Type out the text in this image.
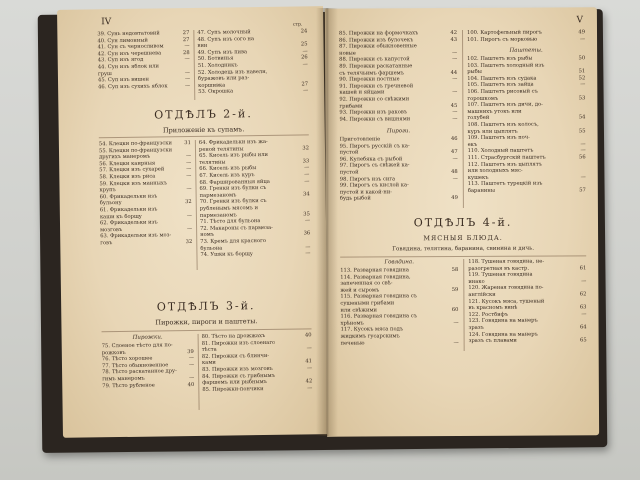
IV
39. Сунь недовтатовий	27
40. Сун лимонный	27
41. Сун съ черносливом	—
42. Сун изъ черешнева	28
43. Суп изъ ягод	—
44. Сун изъ яблок или
груш	—
45. Суп изъ вишен	—
46. Суп изъ сухихъ яблок	—
47. Супъ молочный	24
48. Супъ изъ сого на
вин	25
49. Супъ изъ пива	—
50. Ботвинья	26
51. Холодникъ	—
52. Холодець изъ навелн,
буражовъ или раз-
коршивка	27
53. Окрошка	—
стр.
ОТДѢЛЪ 2-й.
Приложеніе къ супамъ.
54. Клецки по-французски	31
55. Клецки по-французски
другихъ манеромъ	—
56. Клецки каирныя	—
57. Клецки изъ сухарей	—
58. Клецки изъ риса	—
59. Клецки изъ манныхъ
крупъ	—
60. Фрикадельки изъ
бульону	32
61. Фрикадельки изъ
каши къ борщу	—
62. Фрикадельки изъ
мозговъ	—
63. Фрикадельки изъ моз-
говъ	32
64. Фрикадельки изъ жа-
реной телятины	32
65. Кисель изъ рыбы или
телятины	33
66. Кисель изъ рыбы	—
67. Кисель изъ куръ	—
68. Фаршированныя яйца	—
69. Гренки изъ булки съ
пармезаномъ	34
70. Гренки изъ булки съ
рубленымъ мясомъ и
пармезаномъ	35
71. Тѣсто для бульона	—
72. Макароны съ пармеза-
номъ	36
73. Кремъ для красного
бульона	—
74. Ушки къ борщу	—
ОТДѢЛЪ 3-й.
Пирожки, пироги и паштеты.
Пирожки.
75. Слоеное тѣсто для по-
рожковъ	39
76. Тѣсто хорошее	—
77. Тѣсто обыкновенное	—
78. Тѣсто раскатанное дру-
гимъ манеромъ	—
79. Тѣсто рубленое	40
80. Тѣсто на дрожжахъ	40
81. Пирожки изъ слоенаго
тѣста	—
82. Пирожки съ блинчи-
ками	41
83. Пирожки изъ мозговъ	—
84. Пирожки съ грибнымъ
фаршемъ или рыбнымъ	42
85. Пирожки-пончики	—
V
85. Пирожки на формочкахъ	42
86. Пирожки изъ булочекъ	43
87. Пирожки обыкновенные
новые	—
88. Пирожки съ капустой	—
89. Пирожки раскатанные
съ телячьимъ фаршемъ	44
90. Пирожки постные	—
91. Пирожки съ гречневой
кашей и яйцами	—
92. Пирожки со свѣжими
грибами	45
93. Пирожки изъ раковъ	—
94. Пирожки съ вишнями	—
Пироги.
Приготовленіе	46
95. Пирогъ русскій съ ка-
пустой	47
96. Кулебяка съ рыбой	—
97. Пирогъ съ свѣжей ка-
пустой	48
98. Пирогъ изъ сига	—
99. Пирогъ съ кислой ка-
пустой и какой-ни-
будь рыбой	49
100. Картофельный пирогъ	49
101. Пирогъ съ морковью	—
Паштеты.
102. Паштетъ изъ рыбы	50
103. Паштетъ холодный изъ
рыбы	51
104. Паштетъ изъ судака	52
105. Паштетъ изъ зайца	—
106. Паштетъ рисовый съ
горошкомъ	53
107. Паштетъ изъ дичи, до-
машнихъ утокъ или
голубей	54
108. Паштетъ изъ колосъ,
куръ или цыплятъ	55
109. Паштетъ изъ поч-
екъ	—
110. Холодный паштетъ	—
111. Страсбургскій паштетъ	56
112. Паштетъ изъ цыплятъ
или холодныхъ мяс-
кушекъ	—
113. Паштетъ турецкій изъ
баранины	57
ОТДѢЛЪ 4-й.
МЯСНЫЯ БЛЮДА.
Говядина, телятина, баранина, свинина и дичь.
Говядина.
113. Разварная говядина	58
114. Разварная говядина,
запеченная со свѣ-
жей и сыромъ	59
115. Разварная говядина съ
сушеными грибами
или свѣжими	60
116. Разварная говядина съ
хрѣномъ	—
117. Кусокъ мяса подъ
жидкимъ гусарскимъ
печенью	—
118. Тушеная говядина, не-
разогретная въ кастр.	61
119. Тушеная говядина
инако	—
120. Жареная говядина по-
англійски	62
121. Кусокъ мяса, тушеный
въ красномъ винѣ	63
122. Ростбифъ	—
123. Говядина на манеръ
зразъ	64
124. Говядина на манеръ
зразъ съ плавами	65
